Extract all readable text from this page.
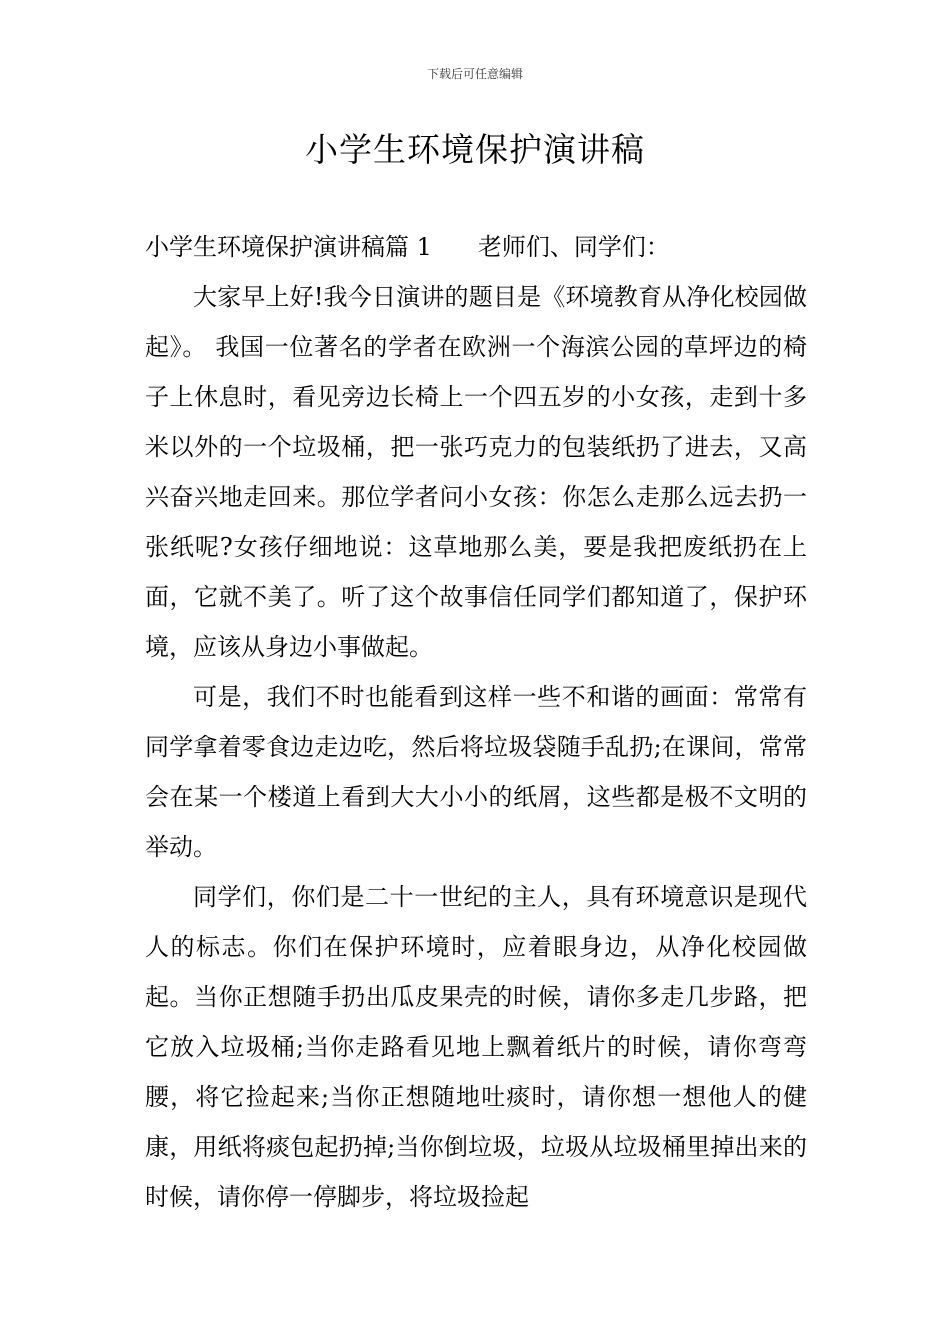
下载后可任意编辑
小学生环境保护演讲稿

小学生环境保护演讲稿篇 1 老师们、同学们：

大家早上好!我今日演讲的题目是《环境教育从净化校园做起》。 我国一位著名的学者在欧洲一个海滨公园的草坪边的椅子上休息时，看见旁边长椅上一个四五岁的小女孩，走到十多米以外的一个垃圾桶，把一张巧克力的包装纸扔了进去，又高兴奋兴地走回来。那位学者问小女孩：你怎么走那么远去扔一张纸呢?女孩仔细地说：这草地那么美，要是我把废纸扔在上面，它就不美了。听了这个故事信任同学们都知道了，保护环境，应该从身边小事做起。

可是，我们不时也能看到这样一些不和谐的画面：常常有同学拿着零食边走边吃，然后将垃圾袋随手乱扔;在课间，常常会在某一个楼道上看到大大小小的纸屑，这些都是极不文明的举动。

同学们，你们是二十一世纪的主人，具有环境意识是现代人的标志。你们在保护环境时，应着眼身边，从净化校园做起。当你正想随手扔出瓜皮果壳的时候，请你多走几步路，把它放入垃圾桶;当你走路看见地上飘着纸片的时候，请你弯弯腰，将它捡起来;当你正想随地吐痰时，请你想一想他人的健康，用纸将痰包起扔掉;当你倒垃圾，垃圾从垃圾桶里掉出来的时候，请你停一停脚步，将垃圾捡起
